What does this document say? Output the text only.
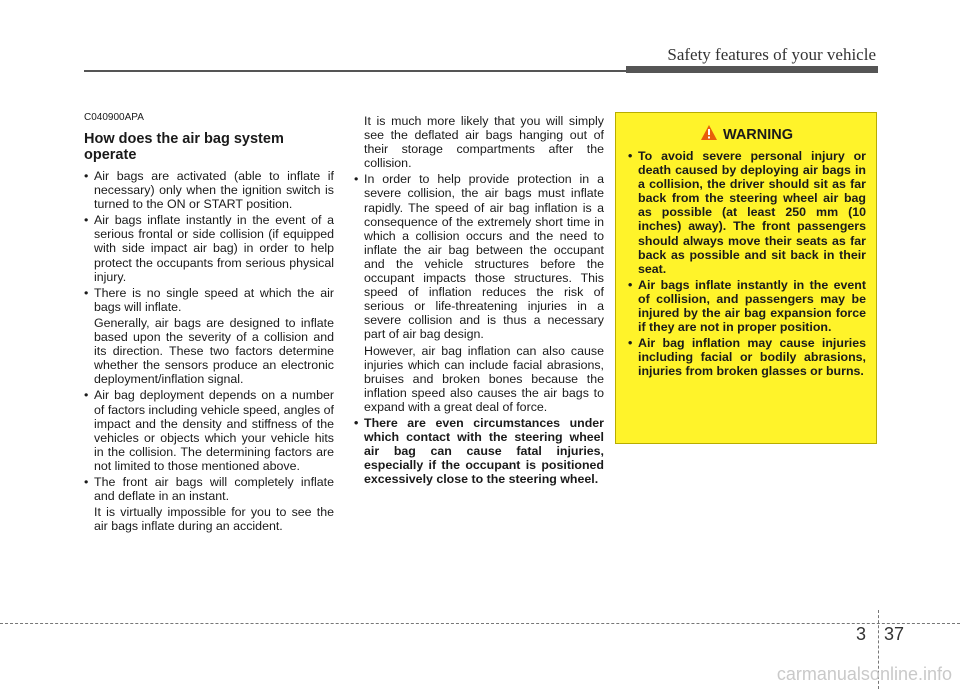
Safety features of your vehicle
C040900APA
How does the air bag system operate
• Air bags are activated (able to inflate if necessary) only when the ignition switch is turned to the ON or START position.
• Air bags inflate instantly in the event of a serious frontal or side collision (if equipped with side impact air bag) in order to help protect the occupants from serious physical injury.
• There is no single speed at which the air bags will inflate.
Generally, air bags are designed to inflate based upon the severity of a collision and its direction. These two factors determine whether the sensors produce an electronic deployment/inflation signal.
• Air bag deployment depends on a number of factors including vehicle speed, angles of impact and the density and stiffness of the vehicles or objects which your vehicle hits in the collision. The determining factors are not limited to those mentioned above.
• The front air bags will completely inflate and deflate in an instant.
It is virtually impossible for you to see the air bags inflate during an accident.
It is much more likely that you will simply see the deflated air bags hanging out of their storage compartments after the collision.
• In order to help provide protection in a severe collision, the air bags must inflate rapidly. The speed of air bag inflation is a consequence of the extremely short time in which a collision occurs and the need to inflate the air bag between the occupant and the vehicle structures before the occupant impacts those structures. This speed of inflation reduces the risk of serious or life-threatening injuries in a severe collision and is thus a necessary part of air bag design.
However, air bag inflation can also cause injuries which can include facial abrasions, bruises and broken bones because the inflation speed also causes the air bags to expand with a great deal of force.
• There are even circumstances under which contact with the steering wheel air bag can cause fatal injuries, especially if the occupant is positioned excessively close to the steering wheel.
WARNING
• To avoid severe personal injury or death caused by deploying air bags in a collision, the driver should sit as far back from the steering wheel air bag as possible (at least 250 mm (10 inches) away). The front passengers should always move their seats as far back as possible and sit back in their seat.
• Air bags inflate instantly in the event of collision, and passengers may be injured by the air bag expansion force if they are not in proper position.
• Air bag inflation may cause injuries including facial or bodily abrasions, injuries from broken glasses or burns.
3 37
carmanualsonline.info
